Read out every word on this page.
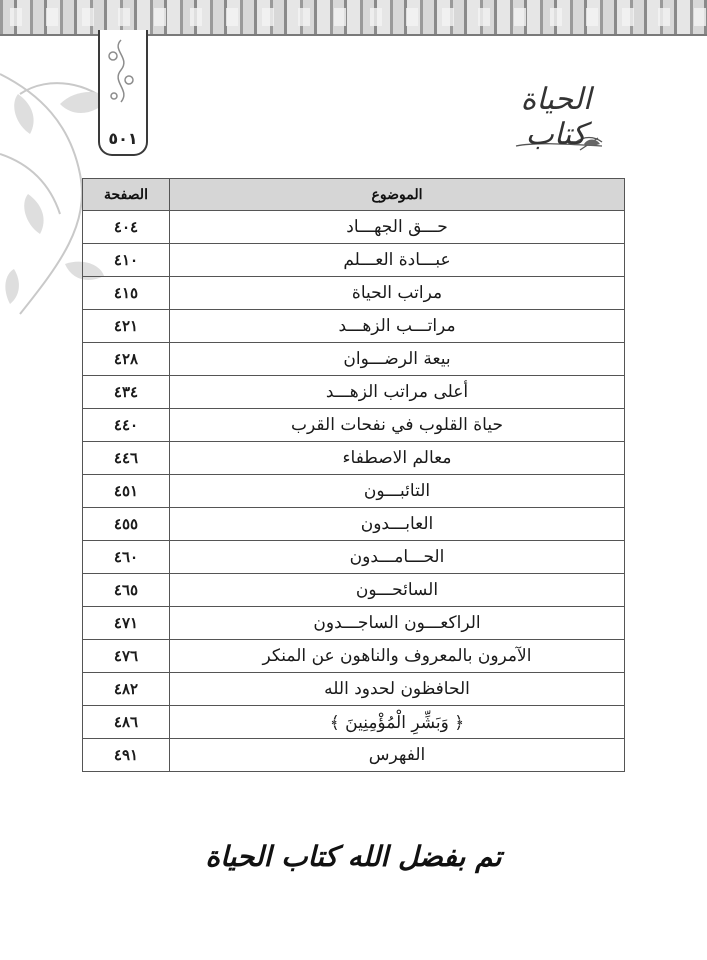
٥٠١
الحياة كتاب
الموضوع	الصفحة
حـــق الجهـــاد	٤٠٤
عبـــادة العـــلم	٤١٠
مراتب الحياة	٤١٥
مراتـــب الزهـــد	٤٢١
بيعة الرضـــوان	٤٢٨
أعلى مراتب الزهـــد	٤٣٤
حياة القلوب في نفحات القرب	٤٤٠
معالم الاصطفاء	٤٤٦
التائبـــون	٤٥١
العابـــدون	٤٥٥
الحـــامـــدون	٤٦٠
السائحـــون	٤٦٥
الراكعـــون الساجـــدون	٤٧١
الآمرون بالمعروف والناهون عن المنكر	٤٧٦
الحافظون لحدود الله	٤٨٢
﴿ وَبَشِّرِ الْمُؤْمِنِينَ ﴾	٤٨٦
الفهرس	٤٩١
تم بفضل الله كتاب الحياة
